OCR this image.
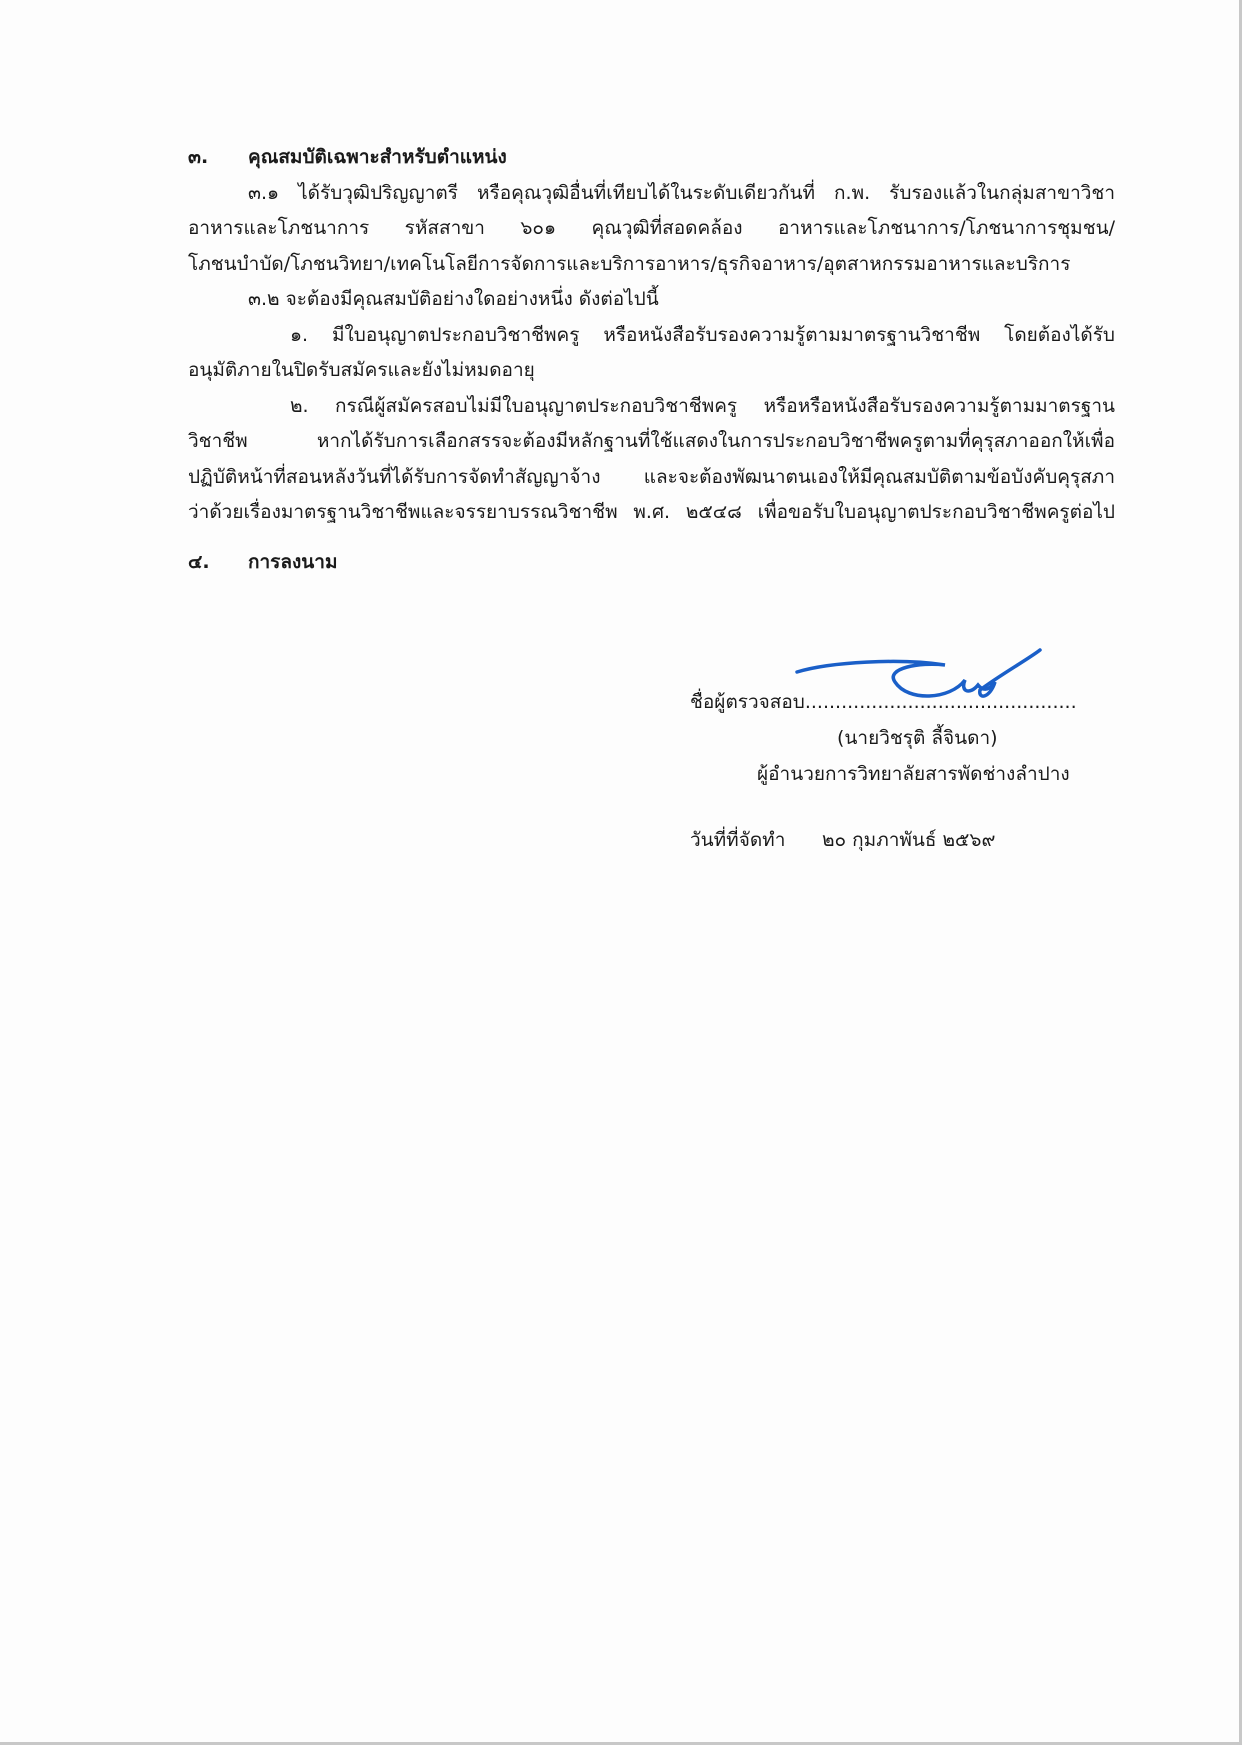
๓. คุณสมบัติเฉพาะสำหรับตำแหน่ง
๓.๑ ได้รับวุฒิปริญญาตรี หรือคุณวุฒิอื่นที่เทียบได้ในระดับเดียวกันที่ ก.พ. รับรองแล้วในกลุ่มสาขาวิชา
อาหารและโภชนาการ รหัสสาขา ๖๐๑ คุณวุฒิที่สอดคล้อง อาหารและโภชนาการ/โภชนาการชุมชน/
โภชนบำบัด/โภชนวิทยา/เทคโนโลยีการจัดการและบริการอาหาร/ธุรกิจอาหาร/อุตสาหกรรมอาหารและบริการ
๓.๒ จะต้องมีคุณสมบัติอย่างใดอย่างหนึ่ง ดังต่อไปนี้
๑. มีใบอนุญาตประกอบวิชาชีพครู หรือหนังสือรับรองความรู้ตามมาตรฐานวิชาชีพ โดยต้องได้รับ
อนุมัติภายในปิดรับสมัครและยังไม่หมดอายุ
๒. กรณีผู้สมัครสอบไม่มีใบอนุญาตประกอบวิชาชีพครู หรือหรือหนังสือรับรองความรู้ตามมาตรฐาน
วิชาชีพ หากได้รับการเลือกสรรจะต้องมีหลักฐานที่ใช้แสดงในการประกอบวิชาชีพครูตามที่คุรุสภาออกให้เพื่อ
ปฏิบัติหน้าที่สอนหลังวันที่ได้รับการจัดทำสัญญาจ้าง และจะต้องพัฒนาตนเองให้มีคุณสมบัติตามข้อบังคับคุรุสภา
ว่าด้วยเรื่องมาตรฐานวิชาชีพและจรรยาบรรณวิชาชีพ พ.ศ. ๒๕๔๘ เพื่อขอรับใบอนุญาตประกอบวิชาชีพครูต่อไป
๔. การลงนาม
ชื่อผู้ตรวจสอบ.............................................
(นายวิชรุติ ลี้จินดา)
ผู้อำนวยการวิทยาลัยสารพัดช่างลำปาง
วันที่ที่จัดทำ ๒๐ กุมภาพันธ์ ๒๕๖๙
